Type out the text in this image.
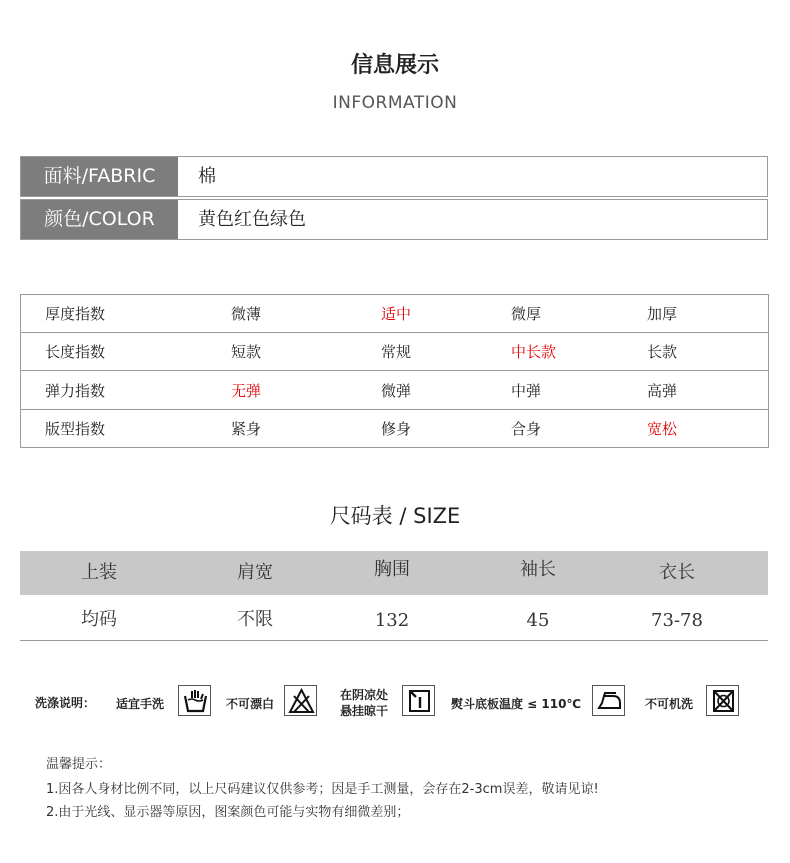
信息展示
INFORMATION
面料/FABRIC	棉
颜色/COLOR	黄色红色绿色
厚度指数	微薄	适中	微厚	加厚
长度指数	短款	常规	中长款	长款
弹力指数	无弹	微弹	中弹	高弹
版型指数	紧身	修身	合身	宽松
尺码表 / SIZE
上装	肩宽	胸围	袖长	衣长
均码	不限	132	45	73-78
洗涤说明： 适宜手洗	不可漂白
在阴凉处
悬挂晾干	熨斗底板温度 ≤ 110℃	不可机洗
温馨提示：
1.因各人身材比例不同，以上尺码建议仅供参考；因是手工测量，会存在2-3cm误差，敬请见谅!
2.由于光线、显示器等原因，图案颜色可能与实物有细微差别；
